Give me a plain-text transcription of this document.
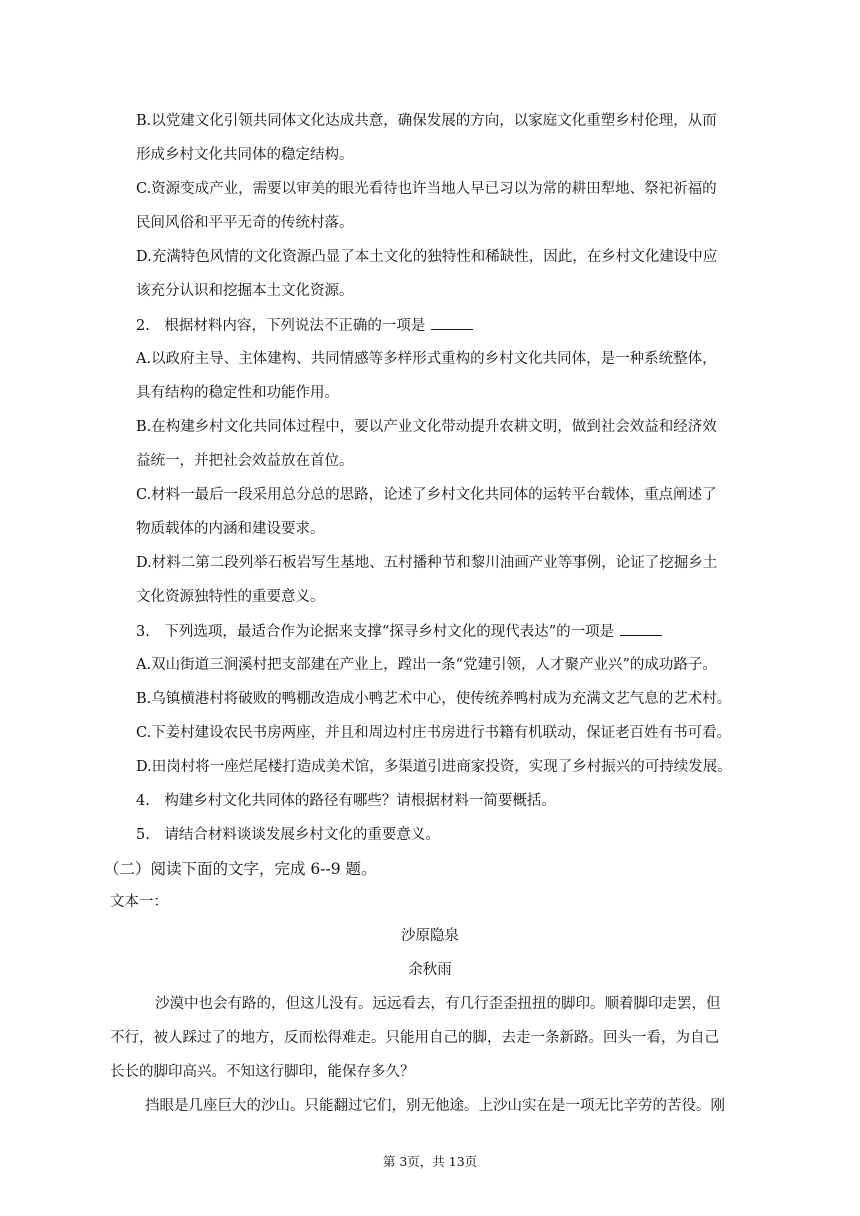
B.以党建文化引领共同体文化达成共意，确保发展的方向，以家庭文化重塑乡村伦理，从而
形成乡村文化共同体的稳定结构。
C.资源变成产业，需要以审美的眼光看待也许当地人早已习以为常的耕田犁地、祭祀祈福的
民间风俗和平平无奇的传统村落。
D.充满特色风情的文化资源凸显了本土文化的独特性和稀缺性，因此，在乡村文化建设中应
该充分认识和挖掘本土文化资源。
2.　根据材料内容，下列说法不正确的一项是
A.以政府主导、主体建构、共同情感等多样形式重构的乡村文化共同体，是一种系统整体，
具有结构的稳定性和功能作用。
B.在构建乡村文化共同体过程中，要以产业文化带动提升农耕文明，做到社会效益和经济效
益统一，并把社会效益放在首位。
C.材料一最后一段采用总分总的思路，论述了乡村文化共同体的运转平台载体，重点阐述了
物质载体的内涵和建设要求。
D.材料二第二段列举石板岩写生基地、五村播种节和黎川油画产业等事例，论证了挖掘乡土
文化资源独特性的重要意义。
3.　下列选项，最适合作为论据来支撑“探寻乡村文化的现代表达”的一项是
A.双山街道三涧溪村把支部建在产业上，蹚出一条“党建引领，人才聚产业兴”的成功路子。
B.乌镇横港村将破败的鸭棚改造成小鸭艺术中心，使传统养鸭村成为充满文艺气息的艺术村。
C.下姜村建设农民书房两座，并且和周边村庄书房进行书籍有机联动，保证老百姓有书可看。
D.田岗村将一座烂尾楼打造成美术馆，多渠道引进商家投资，实现了乡村振兴的可持续发展。
4.　构建乡村文化共同体的路径有哪些？请根据材料一简要概括。
5.　请结合材料谈谈发展乡村文化的重要意义。
（二）阅读下面的文字，完成 6--9 题。
文本一：
沙原隐泉
余秋雨
沙漠中也会有路的，但这儿没有。远远看去，有几行歪歪扭扭的脚印。顺着脚印走罢，但
不行，被人踩过了的地方，反而松得难走。只能用自己的脚，去走一条新路。回头一看，为自己
长长的脚印高兴。不知这行脚印，能保存多久？
挡眼是几座巨大的沙山。只能翻过它们，别无他途。上沙山实在是一项无比辛劳的苦役。刚
第 3页，共 13页
